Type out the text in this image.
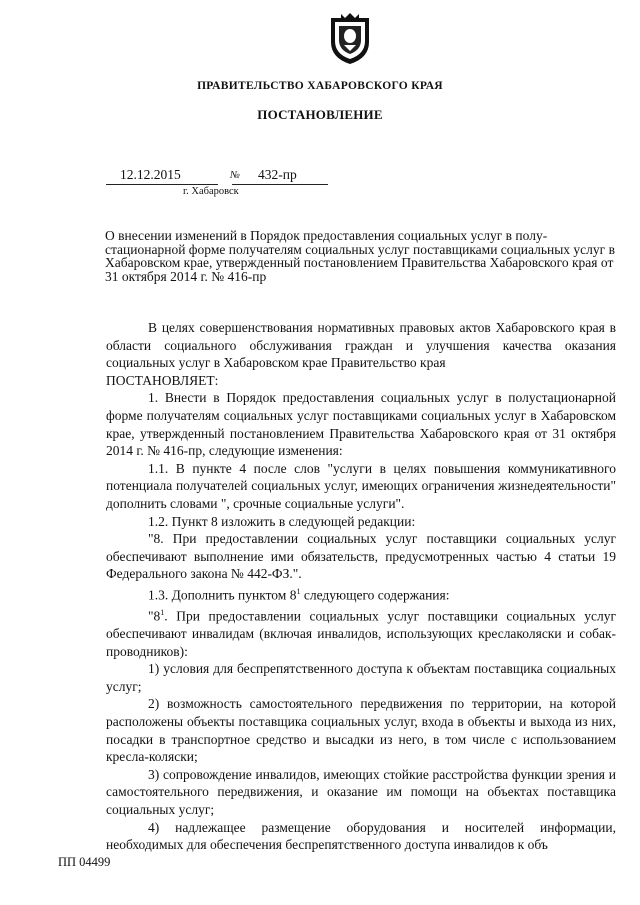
ПРАВИТЕЛЬСТВО ХАБАРОВСКОГО КРАЯ
ПОСТАНОВЛЕНИЕ
12.12.2015	№ 432-пр
г. Хабаровск
О внесении изменений в Порядок предоставления социальных услуг в полустационарной форме получателям социальных услуг поставщиками социальных услуг в Хабаровском крае, утвержденный постановлением Правительства Хабаровского края от 31 октября 2014 г. № 416-пр

В целях совершенствования нормативных правовых актов Хабаровского края в области социального обслуживания граждан и улучшения качества оказания социальных услуг в Хабаровском крае Правительство края

ПОСТАНОВЛЯЕТ:

1. Внести в Порядок предоставления социальных услуг в полустационарной форме получателям социальных услуг поставщиками социальных услуг в Хабаровском крае, утвержденный постановлением Правительства Хабаровского края от 31 октября 2014 г. № 416-пр, следующие изменения:

1.1. В пункте 4 после слов "услуги в целях повышения коммуникативного потенциала получателей социальных услуг, имеющих ограничения жизнедеятельности" дополнить словами ", срочные социальные услуги".

1.2. Пункт 8 изложить в следующей редакции:

"8. При предоставлении социальных услуг поставщики социальных услуг обеспечивают выполнение ими обязательств, предусмотренных частью 4 статьи 19 Федерального закона № 442-ФЗ.".

1.3. Дополнить пунктом $8^1$ следующего содержания:

"$8^1$. При предоставлении социальных услуг поставщики социальных услуг обеспечивают инвалидам (включая инвалидов, использующих креслаколяски и собак-проводников):

1) условия для беспрепятственного доступа к объектам поставщика социальных услуг;

2) возможность самостоятельного передвижения по территории, на которой расположены объекты поставщика социальных услуг, входа в объекты и выхода из них, посадки в транспортное средство и высадки из него, в том числе с использованием кресла-коляски;

3) сопровождение инвалидов, имеющих стойкие расстройства функции зрения и самостоятельного передвижения, и оказание им помощи на объектах поставщика социальных услуг;

4) надлежащее размещение оборудования и носителей информации, необходимых для обеспечения беспрепятственного доступа инвалидов к объ

ПП 04499
